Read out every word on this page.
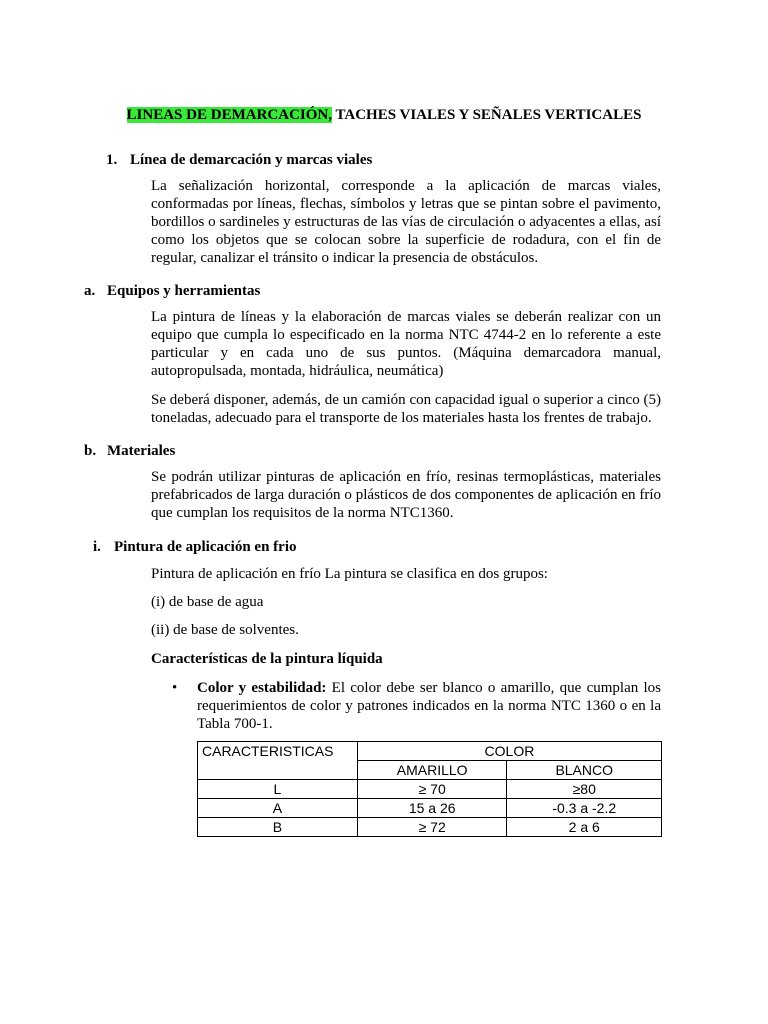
LINEAS DE DEMARCACIÓN, TACHES VIALES Y SEÑALES VERTICALES
1. Línea de demarcación y marcas viales
La señalización horizontal, corresponde a la aplicación de marcas viales, conformadas por líneas, flechas, símbolos y letras que se pintan sobre el pavimento, bordillos o sardineles y estructuras de las vías de circulación o adyacentes a ellas, así como los objetos que se colocan sobre la superficie de rodadura, con el fin de regular, canalizar el tránsito o indicar la presencia de obstáculos.
a. Equipos y herramientas
La pintura de líneas y la elaboración de marcas viales se deberán realizar con un equipo que cumpla lo especificado en la norma NTC 4744-2 en lo referente a este particular y en cada uno de sus puntos. (Máquina demarcadora manual, autopropulsada, montada, hidráulica, neumática)
Se deberá disponer, además, de un camión con capacidad igual o superior a cinco (5) toneladas, adecuado para el transporte de los materiales hasta los frentes de trabajo.
b. Materiales
Se podrán utilizar pinturas de aplicación en frío, resinas termoplásticas, materiales prefabricados de larga duración o plásticos de dos componentes de aplicación en frío que cumplan los requisitos de la norma NTC1360.
i. Pintura de aplicación en frio
Pintura de aplicación en frío La pintura se clasifica en dos grupos:
(i) de base de agua
(ii) de base de solventes.
Características de la pintura líquida
• Color y estabilidad: El color debe ser blanco o amarillo, que cumplan los requerimientos de color y patrones indicados en la norma NTC 1360 o en la Tabla 700-1.
CARACTERISTICAS	COLOR	
	AMARILLO	BLANCO
L	≥ 70	≥80
A	15 a 26	-0.3 a -2.2
B	≥ 72	2 a 6
